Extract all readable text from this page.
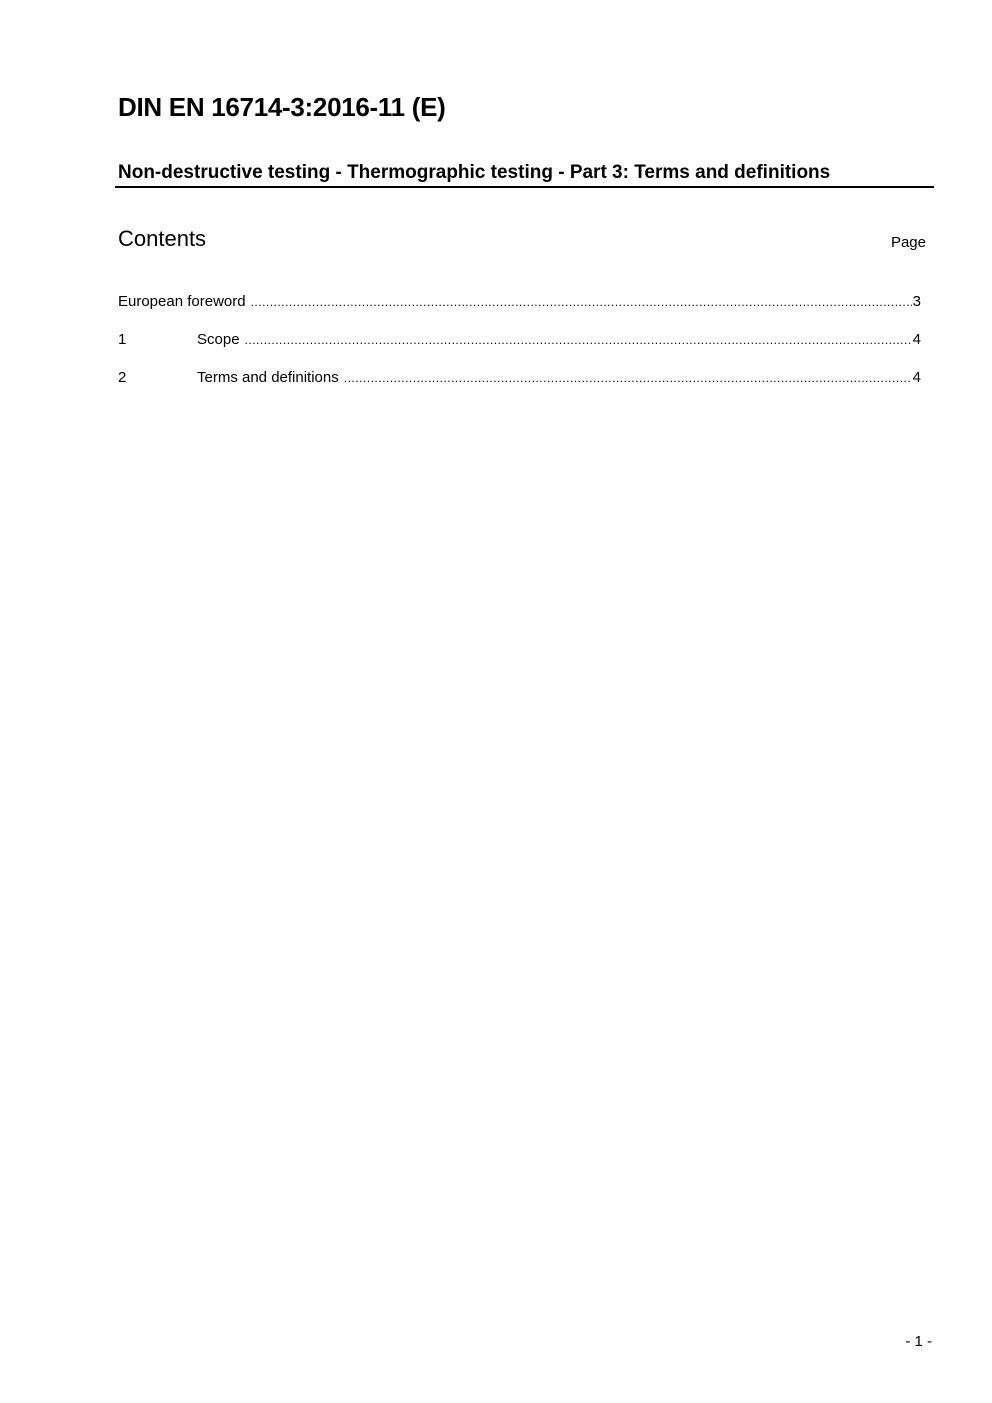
DIN EN 16714-3:2016-11 (E)
Non-destructive testing - Thermographic testing - Part 3: Terms and definitions
Contents	Page
European foreword .....	3
1	Scope .....	4
2	Terms and definitions .....	4
- 1 -
